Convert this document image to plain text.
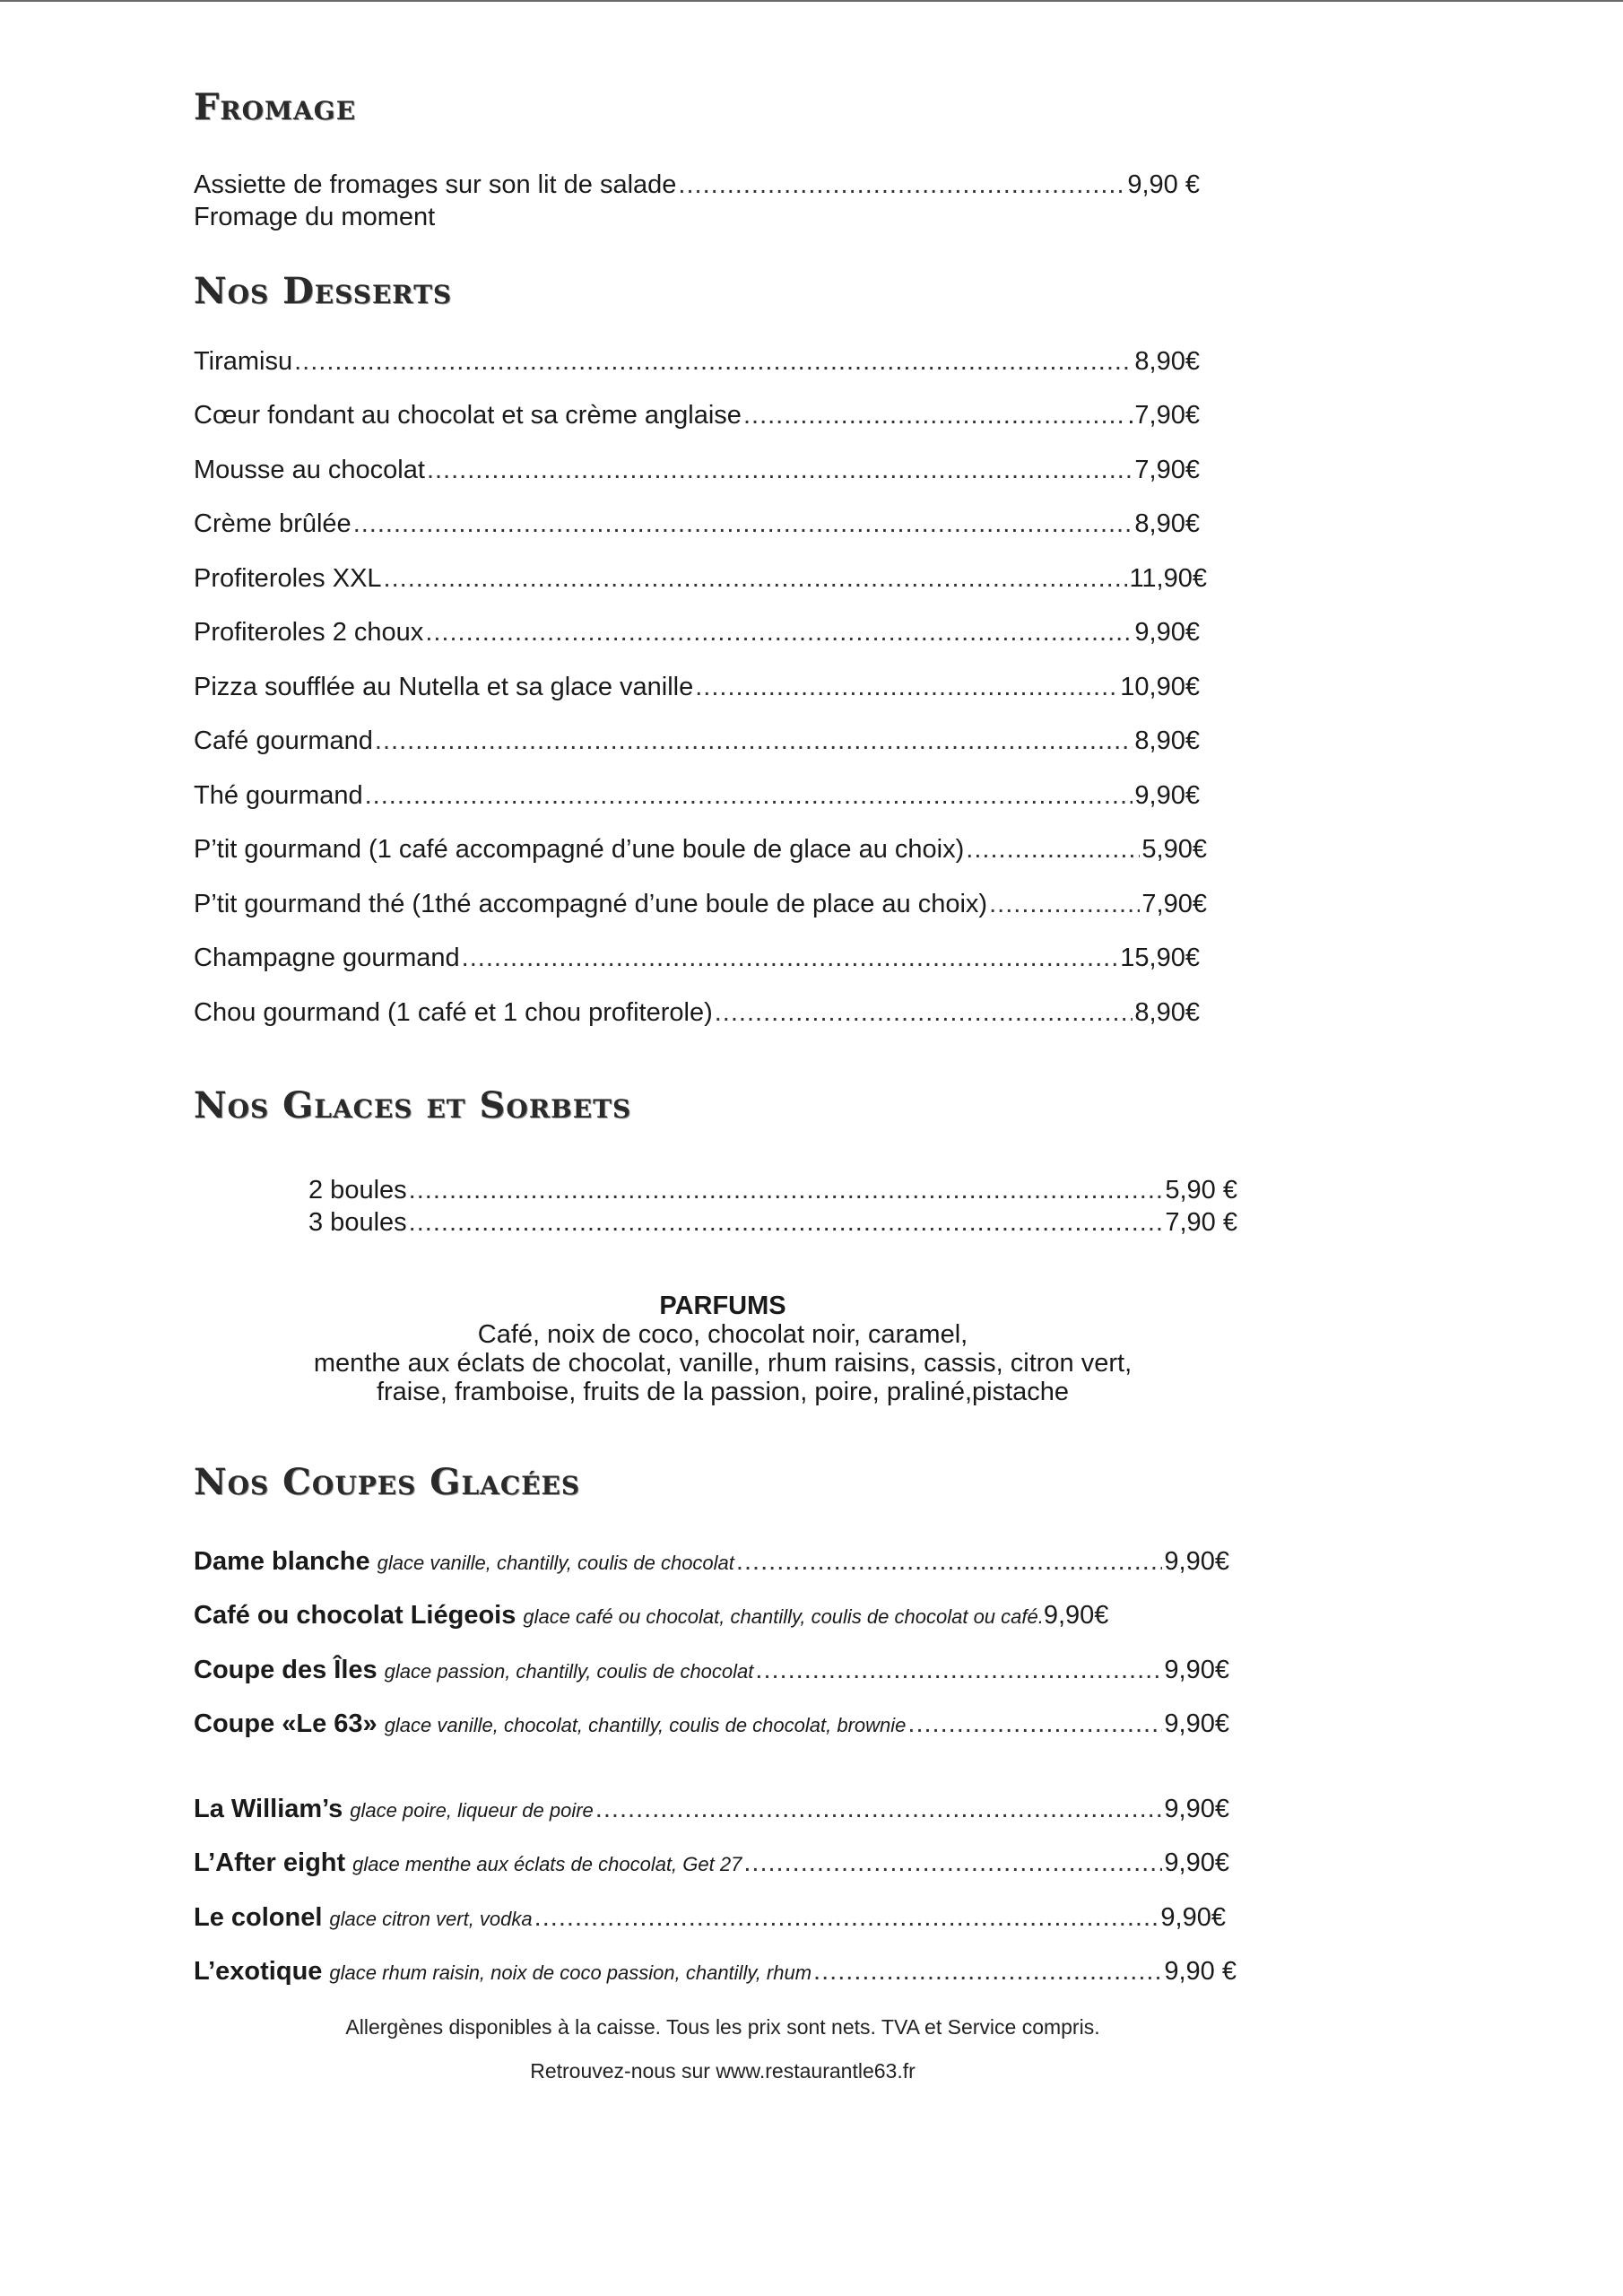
Fromage
Assiette de fromages sur son lit de salade .....	9,90 €
Fromage du moment
Nos Desserts
Tiramisu .....	8,90€
Cœur fondant au chocolat et sa crème anglaise .....	.7,90€
Mousse au chocolat .....	7,90€
Crème brûlée .....	8,90€
Profiteroles XXL .....	11,90€
Profiteroles 2 choux .....	9,90€
Pizza soufflée au Nutella et sa glace vanille .....	10,90€
Café gourmand .....	8,90€
Thé gourmand .....	9,90€
P’tit gourmand (1 café accompagné d’une boule de glace au choix) .....	5,90€
P’tit gourmand thé (1thé accompagné d’une boule de place au choix) .....	7,90€
Champagne gourmand .....	15,90€
Chou gourmand (1 café et 1 chou profiterole) .....	8,90€
Nos Glaces et Sorbets
2 boules .....	5,90 €
3 boules .....	7,90 €
PARFUMS
Café, noix de coco, chocolat noir, caramel,
menthe aux éclats de chocolat, vanille, rhum raisins, cassis, citron vert,
fraise, framboise, fruits de la passion, poire, praliné,pistache
Nos Coupes Glacées
Dame blanche glace vanille, chantilly, coulis de chocolat .....	9,90€
Café ou chocolat Liégeois glace café ou chocolat, chantilly, coulis de chocolat ou café. 9,90€
Coupe des Îles glace passion, chantilly, coulis de chocolat .....	9,90€
Coupe «Le 63» glace vanille, chocolat, chantilly, coulis de chocolat, brownie .....	9,90€
La William’s glace poire, liqueur de poire .....	9,90€
L’After eight glace menthe aux éclats de chocolat, Get 27 .....	9,90€
Le colonel glace citron vert, vodka .....	9,90€
L’exotique glace rhum raisin, noix de coco passion, chantilly, rhum .....	9,90 €
Allergènes disponibles à la caisse. Tous les prix sont nets. TVA et Service compris.
Retrouvez-nous sur www.restaurantle63.fr
